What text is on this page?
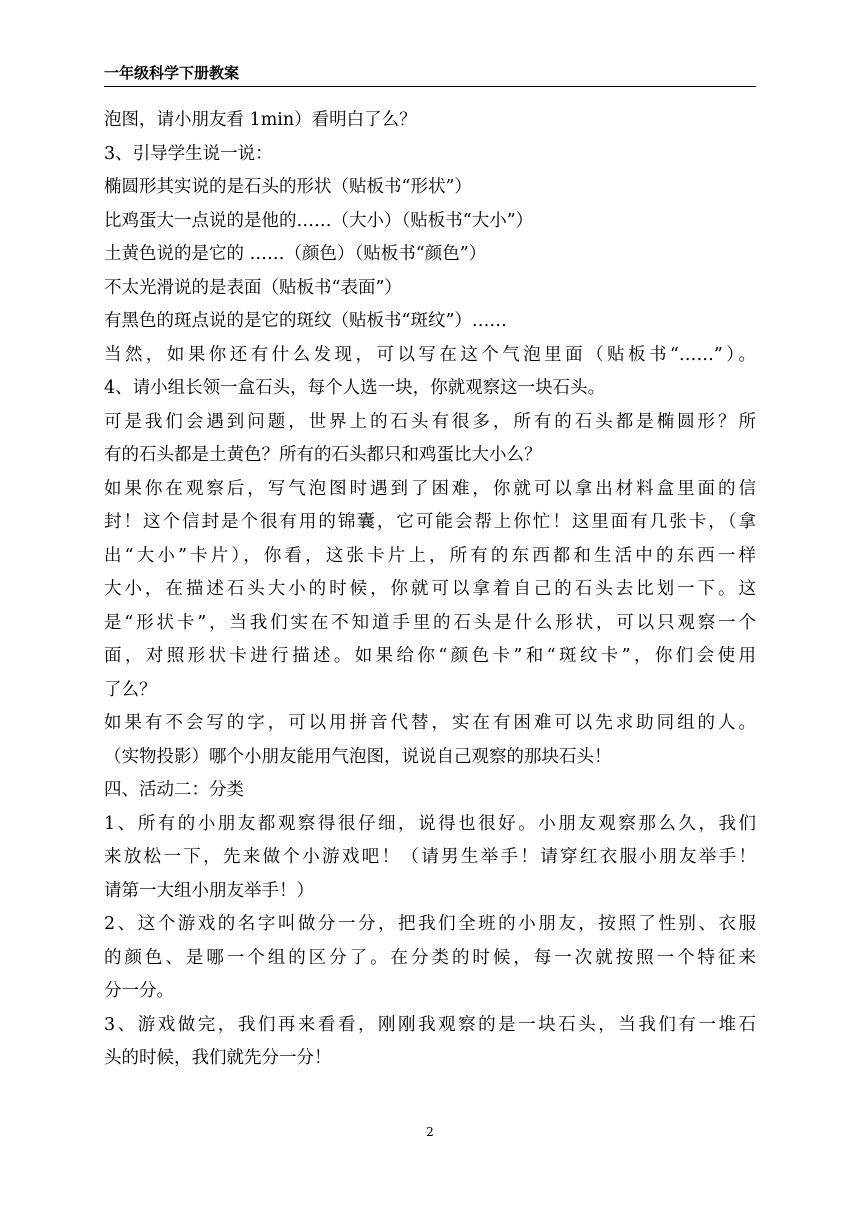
一年级科学下册教案
泡图，请小朋友看 1min）看明白了么？
3、引导学生说一说：
椭圆形其实说的是石头的形状（贴板书“形状”）
比鸡蛋大一点说的是他的……（大小）（贴板书“大小”）
土黄色说的是它的 ……（颜色）（贴板书“颜色”）
不太光滑说的是表面（贴板书“表面”）
有黑色的斑点说的是它的斑纹（贴板书“斑纹”）……
当然，如果你还有什么发现，可以写在这个气泡里面（贴板书“……”）。
4、请小组长领一盒石头，每个人选一块，你就观察这一块石头。
可是我们会遇到问题，世界上的石头有很多，所有的石头都是椭圆形？所
有的石头都是土黄色？所有的石头都只和鸡蛋比大小么？
如果你在观察后，写气泡图时遇到了困难，你就可以拿出材料盒里面的信
封！这个信封是个很有用的锦囊，它可能会帮上你忙！这里面有几张卡，（拿
出“大小”卡片），你看，这张卡片上，所有的东西都和生活中的东西一样
大小，在描述石头大小的时候，你就可以拿着自己的石头去比划一下。这
是“形状卡”，当我们实在不知道手里的石头是什么形状，可以只观察一个
面，对照形状卡进行描述。如果给你“颜色卡”和“斑纹卡”，你们会使用
了么？
如果有不会写的字，可以用拼音代替，实在有困难可以先求助同组的人。
（实物投影）哪个小朋友能用气泡图，说说自己观察的那块石头！
四、活动二：分类
1、所有的小朋友都观察得很仔细，说得也很好。小朋友观察那么久，我们
来放松一下，先来做个小游戏吧！（请男生举手！请穿红衣服小朋友举手！
请第一大组小朋友举手！）
2、这个游戏的名字叫做分一分，把我们全班的小朋友，按照了性别、衣服
的颜色、是哪一个组的区分了。在分类的时候，每一次就按照一个特征来
分一分。
3、游戏做完，我们再来看看，刚刚我观察的是一块石头，当我们有一堆石
头的时候，我们就先分一分！
2
